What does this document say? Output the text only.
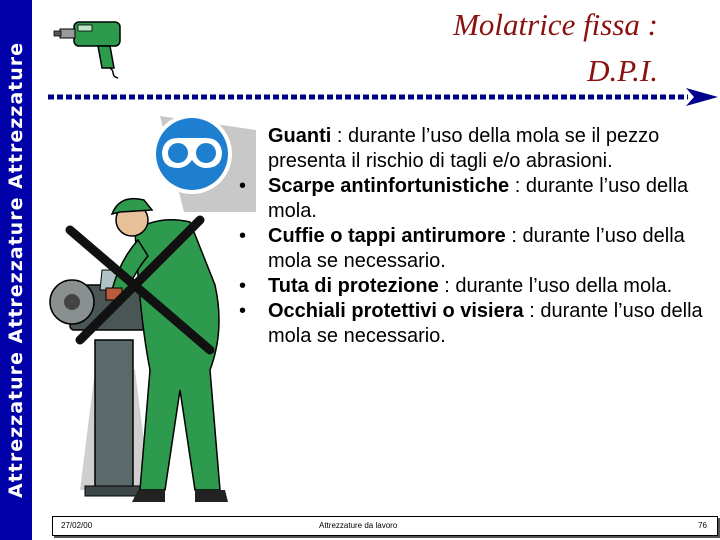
Attrezzature Attrezzature Attrezzature
Molatrice fissa :
D.P.I.
Guanti : durante l’uso della mola se il pezzo presenta il rischio di tagli e/o abrasioni.
• Scarpe antinfortunistiche : durante l’uso della mola.
• Cuffie o tappi antirumore : durante l’uso della mola se necessario.
• Tuta di protezione : durante l’uso della mola.
• Occhiali protettivi o visiera : durante l’uso della mola se necessario.
27/02/00	Attrezzature da lavoro	76
